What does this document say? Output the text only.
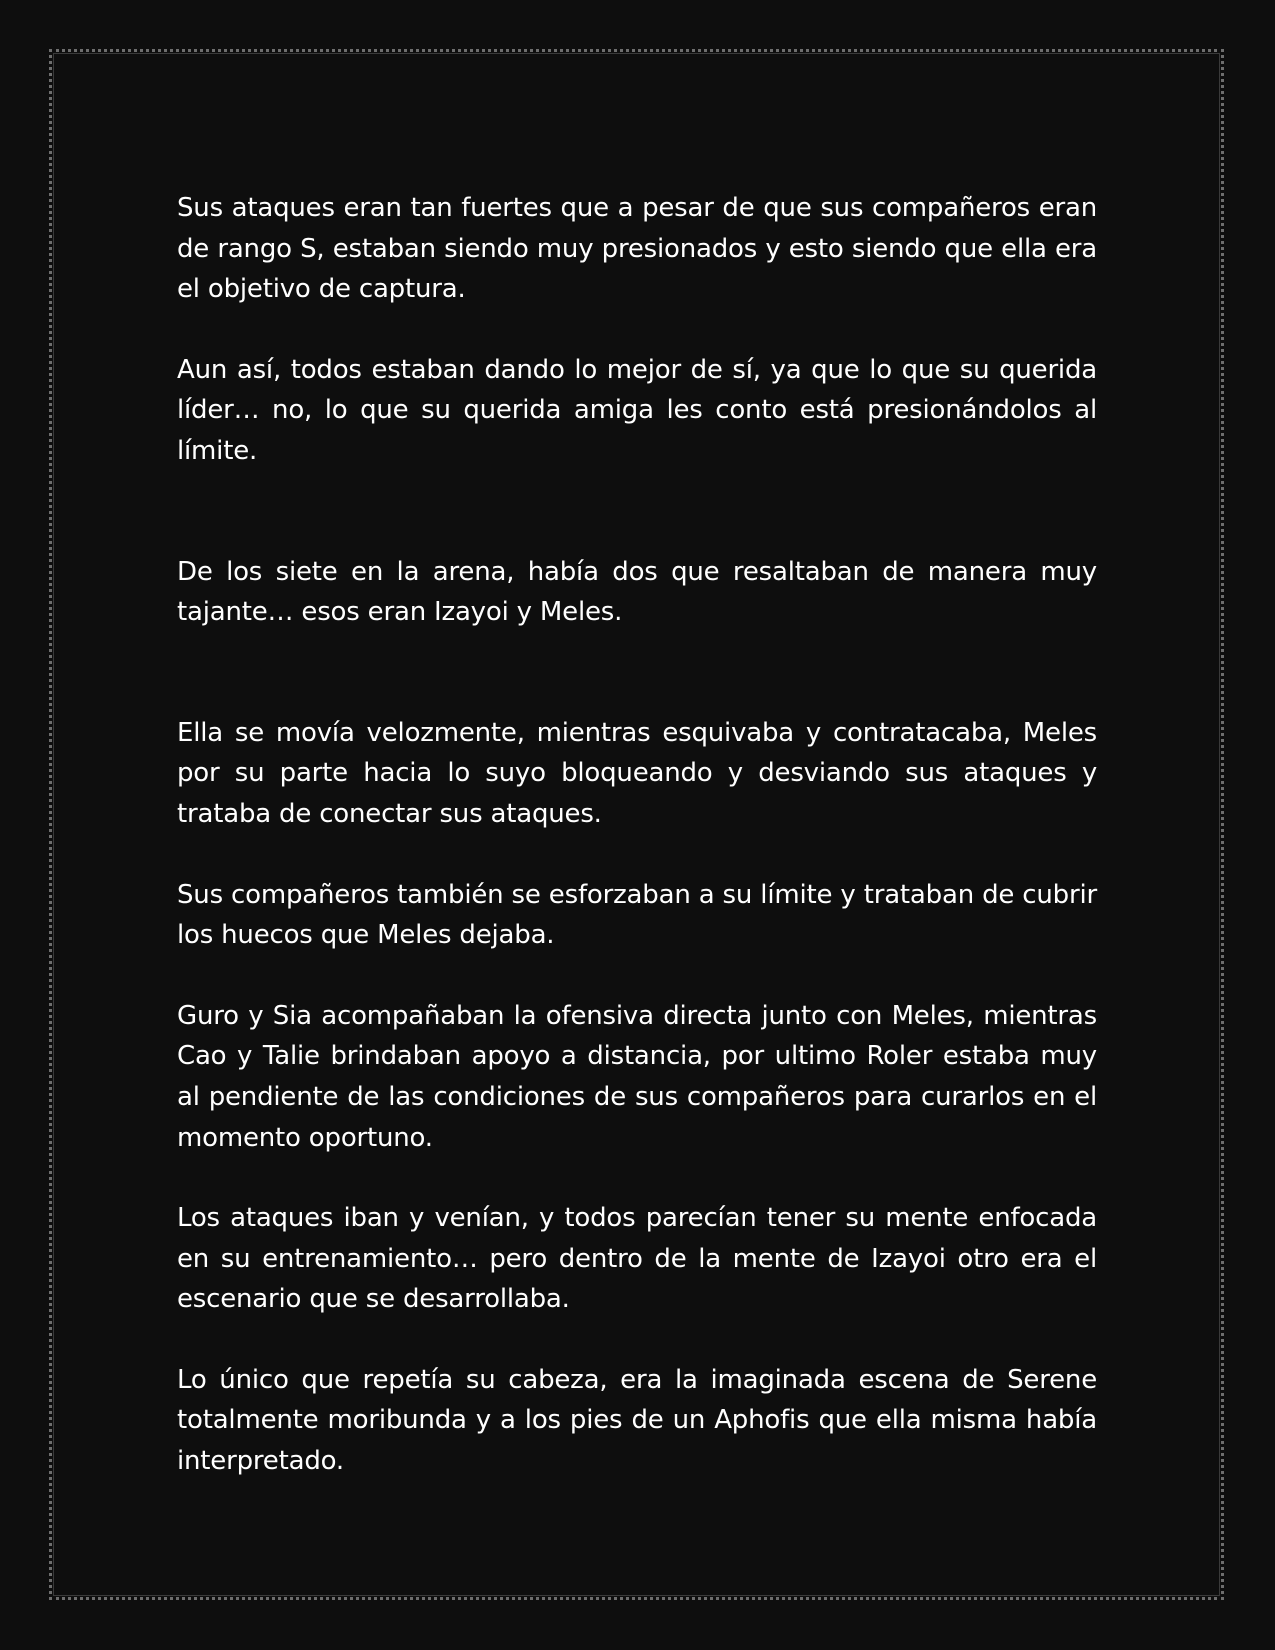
Sus ataques eran tan fuertes que a pesar de que sus compañeros eran de rango S, estaban siendo muy presionados y esto siendo que ella era el objetivo de captura.

Aun así, todos estaban dando lo mejor de sí, ya que lo que su querida líder… no, lo que su querida amiga les conto está presionándolos al límite.

De los siete en la arena, había dos que resaltaban de manera muy tajante… esos eran Izayoi y Meles.

Ella se movía velozmente, mientras esquivaba y contratacaba, Meles por su parte hacia lo suyo bloqueando y desviando sus ataques y trataba de conectar sus ataques.

Sus compañeros también se esforzaban a su límite y trataban de cubrir los huecos que Meles dejaba.

Guro y Sia acompañaban la ofensiva directa junto con Meles, mientras Cao y Talie brindaban apoyo a distancia, por ultimo Roler estaba muy al pendiente de las condiciones de sus compañeros para curarlos en el momento oportuno.

Los ataques iban y venían, y todos parecían tener su mente enfocada en su entrenamiento… pero dentro de la mente de Izayoi otro era el escenario que se desarrollaba.

Lo único que repetía su cabeza, era la imaginada escena de Serene totalmente moribunda y a los pies de un Aphofis que ella misma había interpretado.
